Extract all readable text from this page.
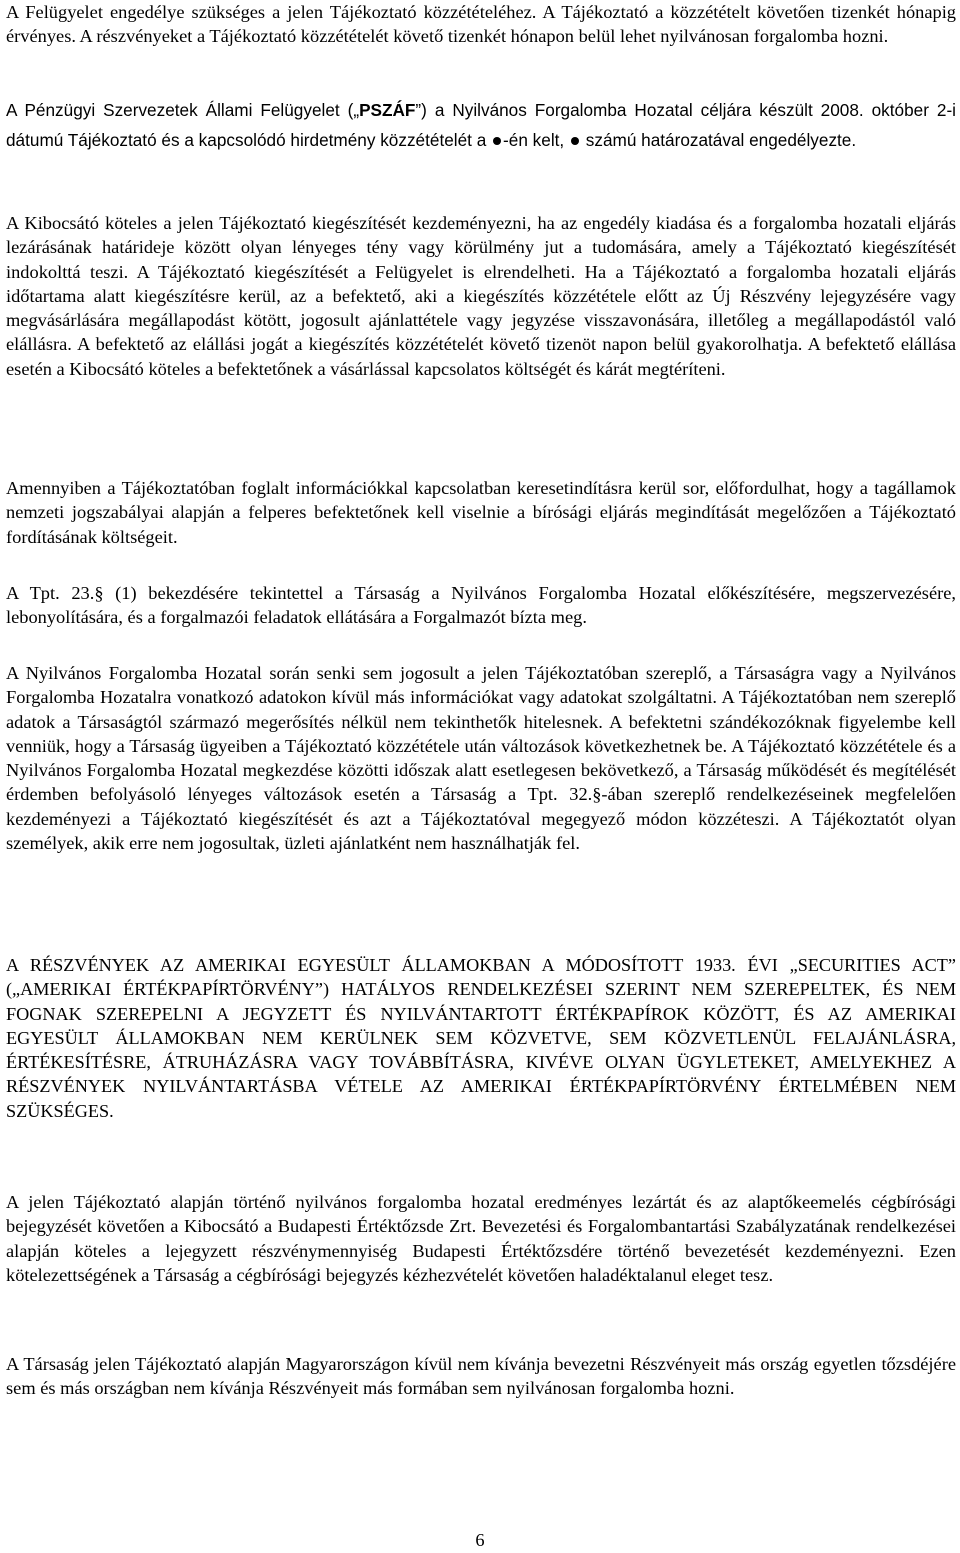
A Felügyelet engedélye szükséges a jelen Tájékoztató közzétételéhez. A Tájékoztató a közzétételt követően tizenkét hónapig érvényes. A részvényeket a Tájékoztató közzétételét követő tizenkét hónapon belül lehet nyilvánosan forgalomba hozni.

A Pénzügyi Szervezetek Állami Felügyelet („PSZÁF”) a Nyilvános Forgalomba Hozatal céljára készült 2008. október 2-i dátumú Tájékoztató és a kapcsolódó hirdetmény közzétételét a -én kelt, számú határozatával engedélyezte.

A Kibocsátó köteles a jelen Tájékoztató kiegészítését kezdeményezni, ha az engedély kiadása és a forgalomba hozatali eljárás lezárásának határideje között olyan lényeges tény vagy körülmény jut a tudomására, amely a Tájékoztató kiegészítését indokolttá teszi. A Tájékoztató kiegészítését a Felügyelet is elrendelheti. Ha a Tájékoztató a forgalomba hozatali eljárás időtartama alatt kiegészítésre kerül, az a befektető, aki a kiegészítés közzététele előtt az Új Részvény lejegyzésére vagy megvásárlására megállapodást kötött, jogosult ajánlattétele vagy jegyzése visszavonására, illetőleg a megállapodástól való elállásra. A befektető az elállási jogát a kiegészítés közzétételét követő tizenöt napon belül gyakorolhatja. A befektető elállása esetén a Kibocsátó köteles a befektetőnek a vásárlással kapcsolatos költségét és kárát megtéríteni.

Amennyiben a Tájékoztatóban foglalt információkkal kapcsolatban keresetindításra kerül sor, előfordulhat, hogy a tagállamok nemzeti jogszabályai alapján a felperes befektetőnek kell viselnie a bírósági eljárás megindítását megelőzően a Tájékoztató fordításának költségeit.

A Tpt. 23.§ (1) bekezdésére tekintettel a Társaság a Nyilvános Forgalomba Hozatal előkészítésére, megszervezésére, lebonyolítására, és a forgalmazói feladatok ellátására a Forgalmazót bízta meg.

A Nyilvános Forgalomba Hozatal során senki sem jogosult a jelen Tájékoztatóban szereplő, a Társaságra vagy a Nyilvános Forgalomba Hozatalra vonatkozó adatokon kívül más információkat vagy adatokat szolgáltatni. A Tájékoztatóban nem szereplő adatok a Társaságtól származó megerősítés nélkül nem tekinthetők hitelesnek. A befektetni szándékozóknak figyelembe kell venniük, hogy a Társaság ügyeiben a Tájékoztató közzététele után változások következhetnek be. A Tájékoztató közzététele és a Nyilvános Forgalomba Hozatal megkezdése közötti időszak alatt esetlegesen bekövetkező, a Társaság működését és megítélését érdemben befolyásoló lényeges változások esetén a Társaság a Tpt. 32.§-ában szereplő rendelkezéseinek megfelelően kezdeményezi a Tájékoztató kiegészítését és azt a Tájékoztatóval megegyező módon közzéteszi. A Tájékoztatót olyan személyek, akik erre nem jogosultak, üzleti ajánlatként nem használhatják fel.

A RÉSZVÉNYEK AZ AMERIKAI EGYESÜLT ÁLLAMOKBAN A MÓDOSÍTOTT 1933. ÉVI „SECURITIES ACT” („AMERIKAI ÉRTÉKPAPÍRTÖRVÉNY”) HATÁLYOS RENDELKEZÉSEI SZERINT NEM SZEREPELTEK, ÉS NEM FOGNAK SZEREPELNI A JEGYZETT ÉS NYILVÁNTARTOTT ÉRTÉKPAPÍROK KÖZÖTT, ÉS AZ AMERIKAI EGYESÜLT ÁLLAMOKBAN NEM KERÜLNEK SEM KÖZVETVE, SEM KÖZVETLENÜL FELAJÁNLÁSRA, ÉRTÉKESÍTÉSRE, ÁTRUHÁZÁSRA VAGY TOVÁBBÍTÁSRA, KIVÉVE OLYAN ÜGYLETEKET, AMELYEKHEZ A RÉSZVÉNYEK NYILVÁNTARTÁSBA VÉTELE AZ AMERIKAI ÉRTÉKPAPÍRTÖRVÉNY ÉRTELMÉBEN NEM SZÜKSÉGES.

A jelen Tájékoztató alapján történő nyilvános forgalomba hozatal eredményes lezártát és az alaptőkeemelés cégbírósági bejegyzését követően a Kibocsátó a Budapesti Értéktőzsde Zrt. Bevezetési és Forgalombantartási Szabályzatának rendelkezései alapján köteles a lejegyzett részvénymennyiség Budapesti Értéktőzsdére történő bevezetését kezdeményezni. Ezen kötelezettségének a Társaság a cégbírósági bejegyzés kézhezvételét követően haladéktalanul eleget tesz.

A Társaság jelen Tájékoztató alapján Magyarországon kívül nem kívánja bevezetni Részvényeit más ország egyetlen tőzsdéjére sem és más országban nem kívánja Részvényeit más formában sem nyilvánosan forgalomba hozni.

6
